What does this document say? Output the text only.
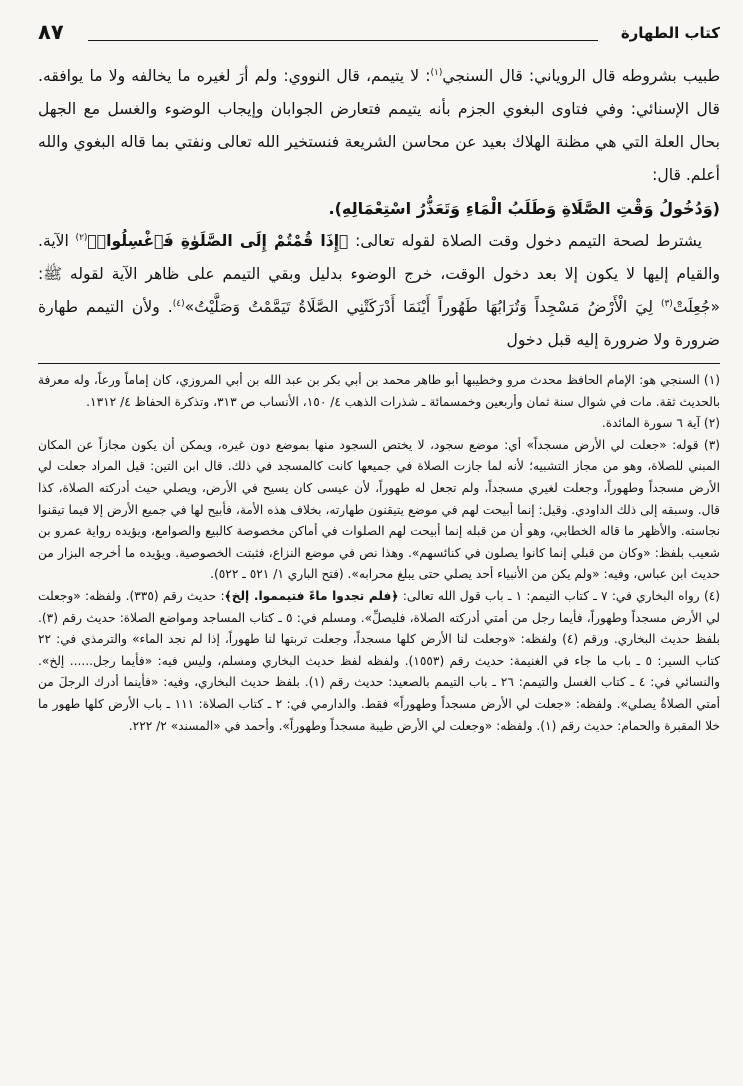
كتاب الطهارة
٨٧

طبيب بشروطه قال الروياني: قال السنجي$^{(١)}$: لا يتيمم، قال النووي: ولم أرَ لغيره ما يخالفه ولا ما يوافقه. قال الإسنائي: وفي فتاوى البغوي الجزم بأنه يتيمم فتعارض الجوابان وإيجاب الوضوء والغسل مع الجهل بحال العلة التي هي مظنة الهلاك بعيد عن محاسن الشريعة فنستخير الله تعالى ونفتي بما قاله البغوي والله أعلم. قال:

(وَدُخُولُ وَقْتِ الصَّلَاةِ وَطَلَبُ الْمَاءِ وَتَعَذُّرُ اسْتِعْمَالِهِ).

يشترط لصحة التيمم دخول وقت الصلاة لقوله تعالى: ﴿إِذَا قُمْتُمْ إِلَى الصَّلَوٰةِ فَٱغْسِلُوا۟﴾$^{(٢)}$ الآية. والقيام إليها لا يكون إلا بعد دخول الوقت، خرج الوضوء بدليل وبقي التيمم على ظاهر الآية لقوله ﷺ: «جُعِلَتْ$^{(٣)}$ لِيَ الْأَرْضُ مَسْجِداً وَتُرَابُهَا طَهُوراً أَيْنَمَا أَدْرَكَتْنِي الصَّلَاةُ تَيَمَّمْتُ وَصَلَّيْتُ»$^{(٤)}$. ولأن التيمم طهارة ضرورة ولا ضرورة إليه قبل دخول

(١) السنجي هو: الإمام الحافظ محدث مرو وخطيبها أبو طاهر محمد بن أبي بكر بن عبد الله بن أبي المروزي، كان إماماً ورعاً، وله معرفة بالحديث ثقة. مات في شوال سنة ثمان وأربعين وخمسمائة ـ شذرات الذهب ٤/ ١٥٠، الأنساب ص ٣١٣، وتذكرة الحفاظ ٤/ ١٣١٢.

(٢) آية ٦ سورة المائدة.

(٣) قوله: «جعلت لي الأرض مسجداً» أي: موضع سجود، لا يختص السجود منها بموضع دون غيره، ويمكن أن يكون مجازاً عن المكان المبني للصلاة، وهو من مجاز التشبيه؛ لأنه لما جازت الصلاة في جميعها كانت كالمسجد في ذلك. قال ابن التين: قيل المراد جعلت لي الأرض مسجداً وطهوراً، وجعلت لغيري مسجداً، ولم تجعل له طهوراً، لأن عيسى كان يسيح في الأرض، ويصلي حيث أدركته الصلاة، كذا قال. وسبقه إلى ذلك الداودي. وقيل: إنما أبيحت لهم في موضع يتيقنون طهارته، بخلاف هذه الأمة، فأبيح لها في جميع الأرض إلا فيما تيقنوا نجاسته. والأظهر ما قاله الخطابي، وهو أن من قبله إنما أبيحت لهم الصلوات في أماكن مخصوصة كالبيع والصوامع، ويؤيده رواية عمرو بن شعيب بلفظ: «وكان من قبلي إنما كانوا يصلون في كنائسهم». وهذا نص في موضع النزاع، فثبتت الخصوصية. ويؤيده ما أخرجه البزار من حديث ابن عباس، وفيه: «ولم يكن من الأنبياء أحد يصلي حتى يبلغ محرابه». (فتح الباري ١/ ٥٢١ ـ ٥٢٢).

(٤) رواه البخاري في: ٧ ـ كتاب التيمم: ١ ـ باب قول الله تعالى: ﴿فلم تجدوا ماءً فتيمموا. إلخ﴾: حديث رقم (٣٣٥). ولفظه: «وجعلت لي الأرض مسجداً وطهوراً، فأيما رجل من أمتي أدركته الصلاة، فليصلِّ». ومسلم في: ٥ ـ كتاب المساجد ومواضع الصلاة: حديث رقم (٣). بلفظ حديث البخاري. ورقم (٤) ولفظه: «وجعلت لنا الأرض كلها مسجداً، وجعلت تربتها لنا طهوراً، إذا لم نجد الماء» والترمذي في: ٢٢ كتاب السير: ٥ ـ باب ما جاء في الغنيمة: حديث رقم (١٥٥٣). ولفظه لفظ حديث البخاري ومسلم، وليس فيه: «فأيما رجل...... إلخ». والنسائي في: ٤ ـ كتاب الغسل والتيمم: ٢٦ ـ باب التيمم بالصعيد: حديث رقم (١). بلفظ حديث البخاري، وفيه: «فأينما أدرك الرجلَ من أمتي الصلاةُ يصلي». ولفظه: «جعلت لي الأرض مسجداً وطهوراً» فقط. والدارمي في: ٢ ـ كتاب الصلاة: ١١١ ـ باب الأرض كلها طهور ما خلا المقبرة والحمام: حديث رقم (١). ولفظه: «وجعلت لي الأرض طيبة مسجداً وطهوراً». وأحمد في «المسند» ٢/ ٢٢٢.
